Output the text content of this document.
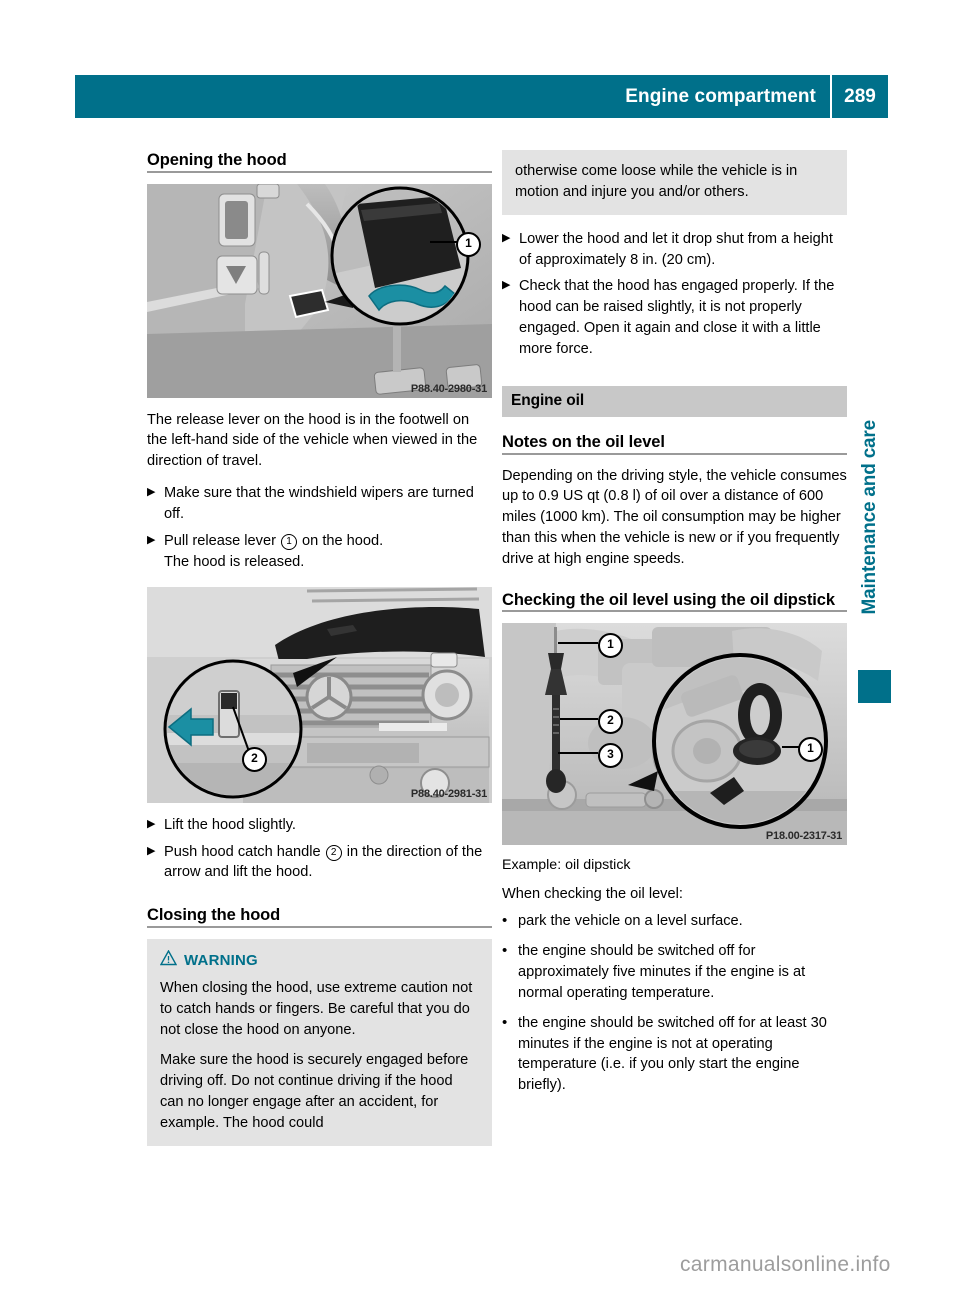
Engine compartment	289
Opening the hood
1
P88.40-2980-31

The release lever on the hood is in the footwell on the left-hand side of the vehicle when viewed in the direction of travel.

▶ Make sure that the windshield wipers are turned off.
▶ Pull release lever 1 on the hood.
The hood is released.
2
P88.40-2981-31
▶ Lift the hood slightly.
▶ Push hood catch handle 2 in the direction of the arrow and lift the hood.
Closing the hood
WARNING

When closing the hood, use extreme caution not to catch hands or fingers. Be careful that you do not close the hood on anyone.

Make sure the hood is securely engaged before driving off. Do not continue driving if the hood can no longer engage after an accident, for example. The hood could

otherwise come loose while the vehicle is in motion and injure you and/or others.

▶ Lower the hood and let it drop shut from a height of approximately 8 in. (20 cm).
▶ Check that the hood has engaged properly. If the hood can be raised slightly, it is not properly engaged. Open it again and close it with a little more force.
Engine oil
Notes on the oil level

Depending on the driving style, the vehicle consumes up to 0.9 US qt (0.8 l) of oil over a distance of 600 miles (1000 km). The oil consumption may be higher than this when the vehicle is new or if you frequently drive at high engine speeds.

Checking the oil level using the oil dipstick
1
2
3	1
P18.00-2317-31

Example: oil dipstick

When checking the oil level:

• park the vehicle on a level surface.
• the engine should be switched off for approximately five minutes if the engine is at normal operating temperature.
• the engine should be switched off for at least 30 minutes if the engine is not at operating temperature (i.e. if you only start the engine briefly).
Maintenance and care
carmanualsonline.info
